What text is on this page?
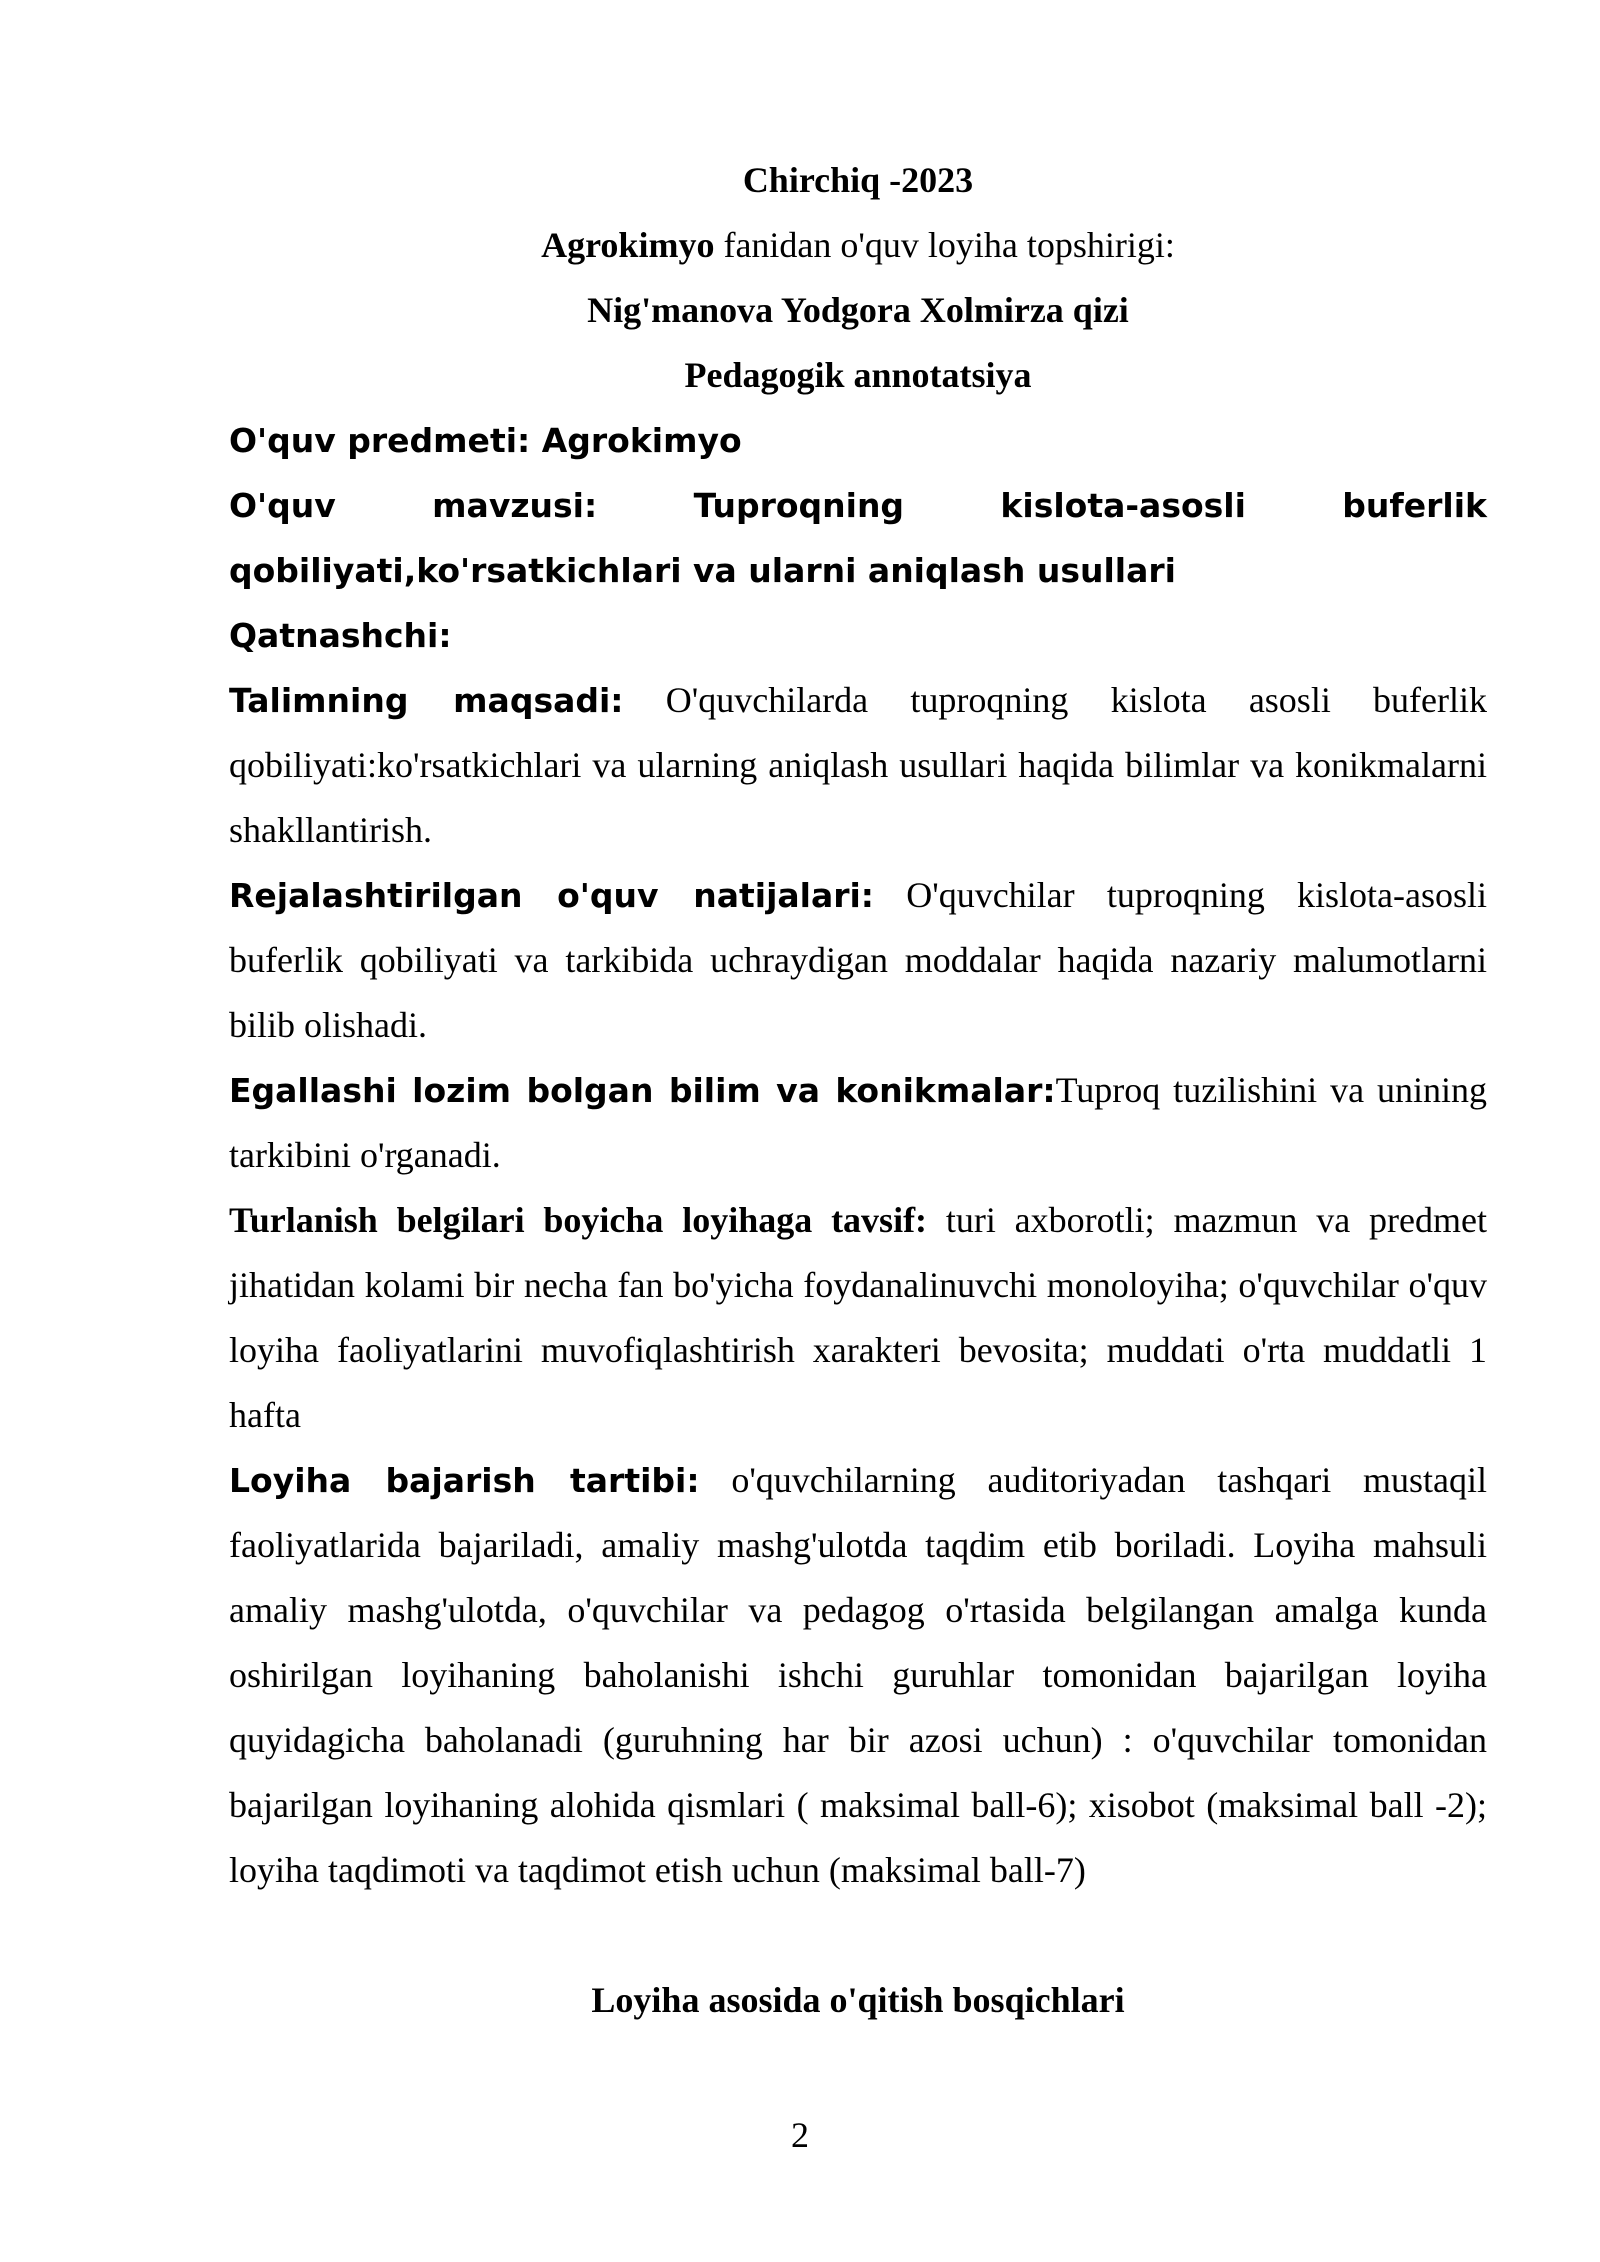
Chirchiq -2023

Agrokimyo fanidan o'quv loyiha topshirigi:

Nig'manova Yodgora Xolmirza qizi

Pedagogik annotatsiya

O'quv predmeti: Agrokimyo

O'quv mavzusi: Tuproqning kislota-asosli buferlik qobiliyati,ko'rsatkichlari va ularni aniqlash usullari

Qatnashchi:

Talimning maqsadi: O'quvchilarda tuproqning kislota asosli buferlik qobiliyati:ko'rsatkichlari va ularning aniqlash usullari haqida bilimlar va konikmalarni shakllantirish.

Rejalashtirilgan o'quv natijalari: O'quvchilar tuproqning kislota-asosli buferlik qobiliyati va tarkibida uchraydigan moddalar haqida nazariy malumotlarni bilib olishadi.

Egallashi lozim bolgan bilim va konikmalar:Tuproq tuzilishini va unining tarkibini o'rganadi.

Turlanish belgilari boyicha loyihaga tavsif: turi axborotli; mazmun va predmet jihatidan kolami bir necha fan bo'yicha foydanalinuvchi monoloyiha; o'quvchilar o'quv loyiha faoliyatlarini muvofiqlashtirish xarakteri bevosita; muddati o'rta muddatli 1 hafta

Loyiha bajarish tartibi: o'quvchilarning auditoriyadan tashqari mustaqil faoliyatlarida bajariladi, amaliy mashg'ulotda taqdim etib boriladi. Loyiha mahsuli amaliy mashg'ulotda, o'quvchilar va pedagog o'rtasida belgilangan amalga kunda oshirilgan loyihaning baholanishi ishchi guruhlar tomonidan bajarilgan loyiha quyidagicha baholanadi (guruhning har bir azosi uchun) : o'quvchilar tomonidan bajarilgan loyihaning alohida qismlari ( maksimal ball-6); xisobot (maksimal ball -2); loyiha taqdimoti va taqdimot etish uchun (maksimal ball-7)

Loyiha asosida o'qitish bosqichlari

2
